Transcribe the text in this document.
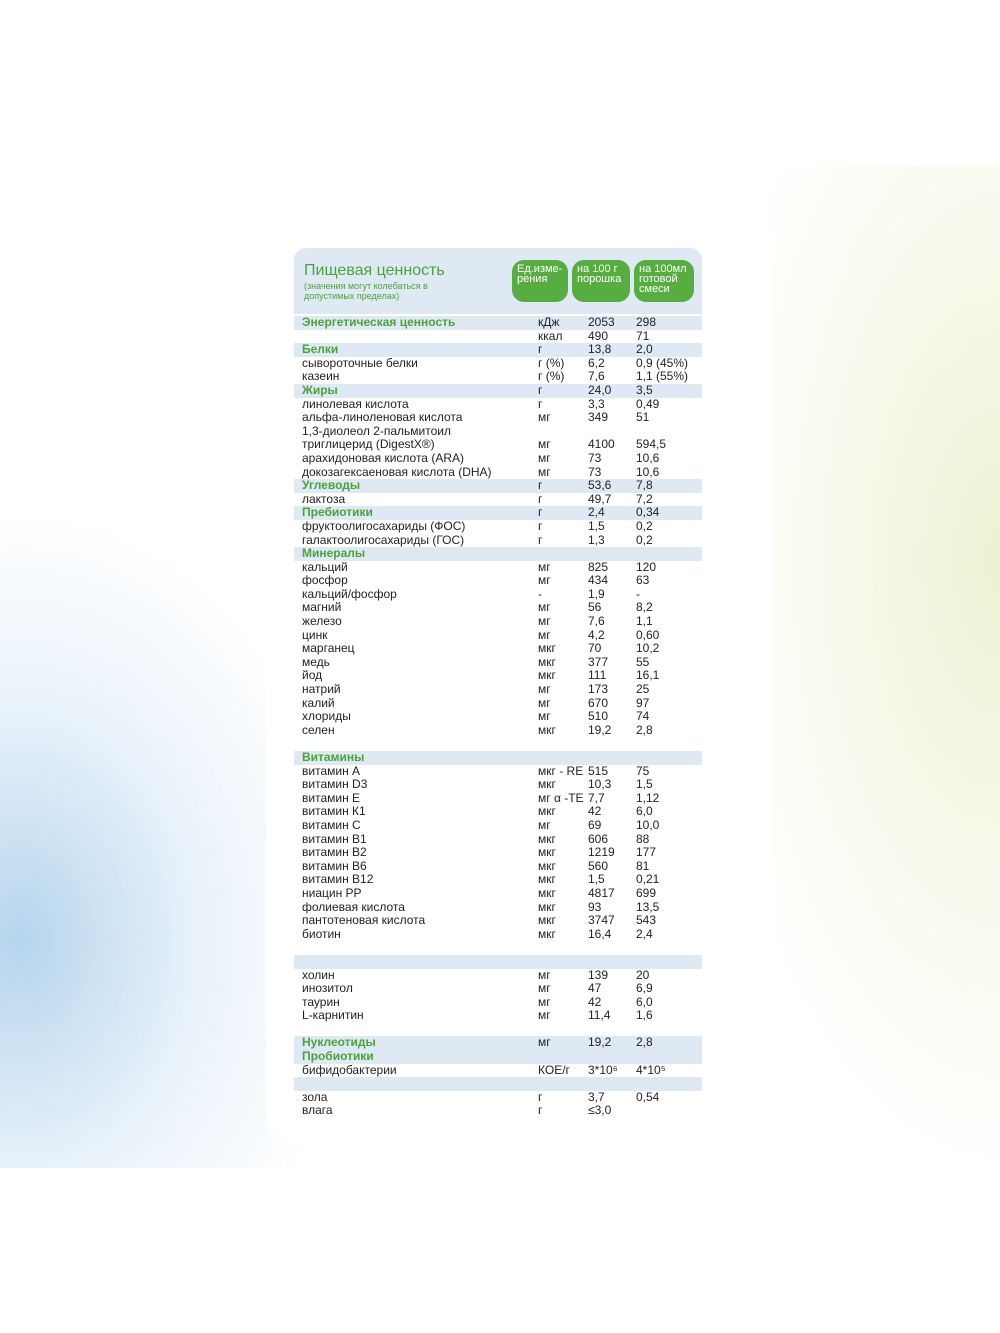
Пищевая ценность
(значения могут колебаться в допустимых пределах)
Ед.изме-рения
на 100 г порошка
на 100мл готовой смеси
Энергетическая ценность	кДж 2053 298
ккал 490 71
Белки	г	13,8 2,0
сывороточные белки	г (%) 6,2	0,9 (45%)
казеин	г (%) 7,6	1,1 (55%)
Жиры	г	24,0 3,5
линолевая кислота	г	3,3	0,49
альфа-линоленовая кислота	мг	349 51
1,3-диолеол 2-пальмитоил
триглицерид (DigestX®)	мг	4100 594,5
арахидоновая кислота (ARA)	мг	73	10,6
докозагексаеновая кислота (DHA)	мг	73	10,6
Углеводы	г	53,6 7,8
лактоза	г	49,7 7,2
Пребиотики	г	2,4	0,34
фруктоолигосахариды (ФОС)	г	1,5	0,2
галактоолигосахариды (ГОС)	г	1,3	0,2
Минералы
кальций	мг	825 120
фосфор	мг	434 63
кальций/фосфор	-	1,9	-
магний	мг	56	8,2
железо	мг	7,6	1,1
цинк	мг	4,2	0,60
марганец	мкг	70	10,2
медь	мкг	377 55
йод	мкг	111 16,1
натрий	мг	173 25
калий	мг	670 97
хлориды	мг	510 74
селен	мкг	19,2 2,8
Витамины
витамин А	мкг - RE 515 75
витамин D3	мкг	10,3 1,5
витамин Е	мг α -TE 7,7	1,12
витамин К1	мкг	42	6,0
витамин С	мг	69	10,0
витамин В1	мкг	606 88
витамин В2	мкг	1219 177
витамин В6	мкг	560 81
витамин В12	мкг	1,5	0,21
ниацин РР	мкг	4817 699
фолиевая кислота	мкг	93	13,5
пантотеновая кислота	мкг	3747 543
биотин	мкг	16,4 2,4
холин	мг	139 20
инозитол	мг	47	6,9
таурин	мг	42	6,0
L-карнитин	мг	11,4 1,6
Нуклеотиды	мг	19,2 2,8
Пробиотики
бифидобактерии	КОЕ/г 3*10⁶ 4*10⁵
зола	г	3,7	0,54
влага	г	≤3,0
